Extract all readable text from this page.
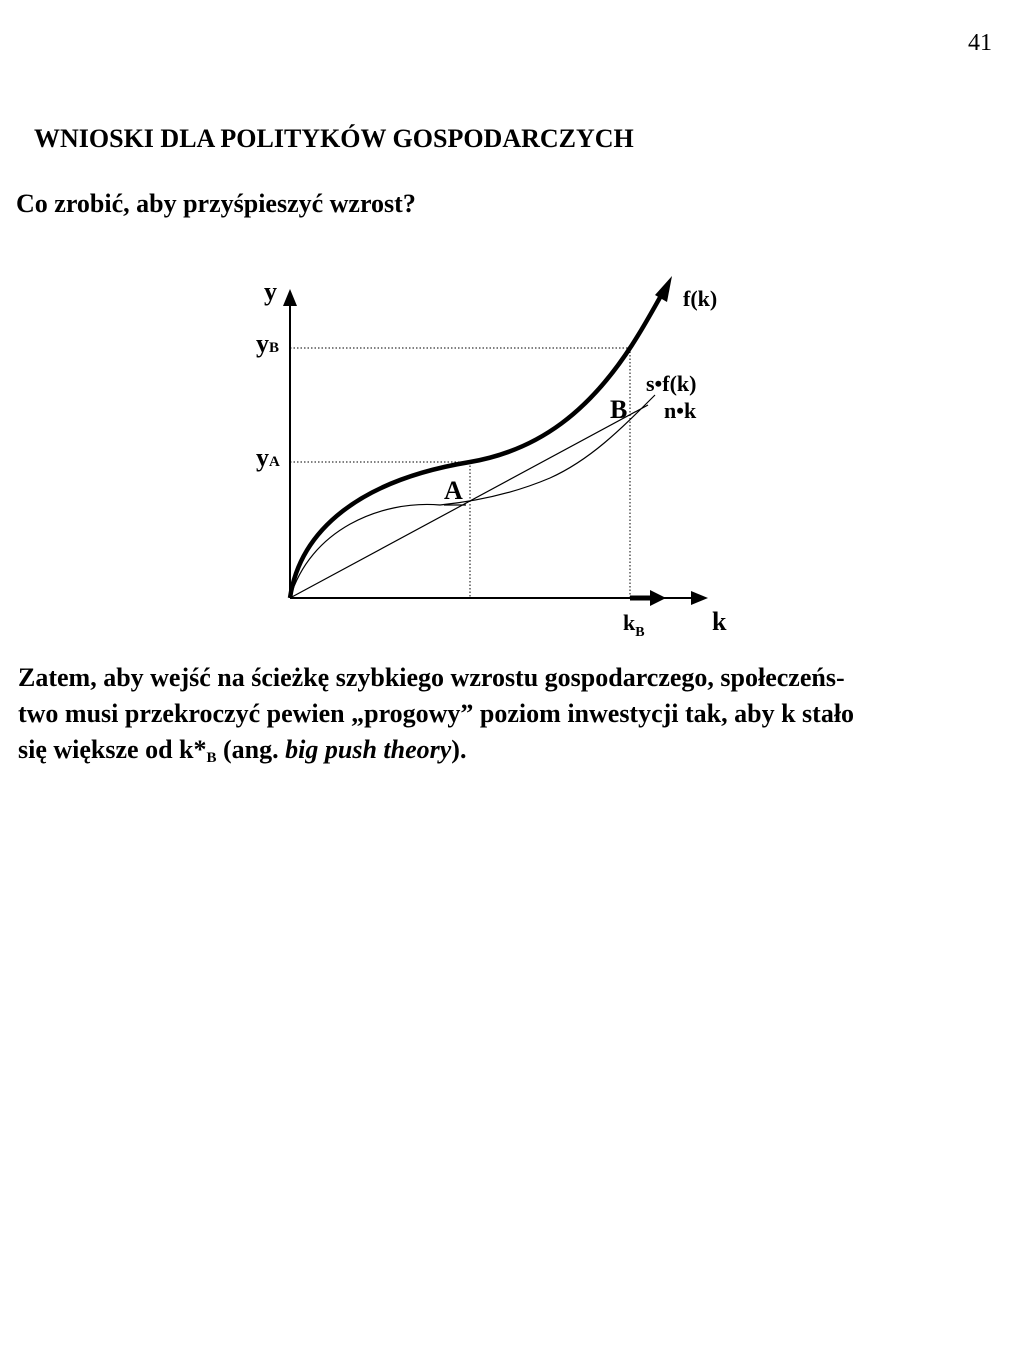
41
WNIOSKI DLA POLITYKÓW GOSPODARCZYCH
Co zrobić, aby przyśpieszyć wzrost?
y
k
yB
yA
$k_B$
f(k)
s•f(k)
n•k
A
B

Zatem, aby wejść na ścieżkę szybkiego wzrostu gospodarczego, społeczeńs-
two musi przekroczyć pewien „progowy” poziom inwestycji tak, aby k stało
się większe od $k*_B$ (ang. big push theory).
